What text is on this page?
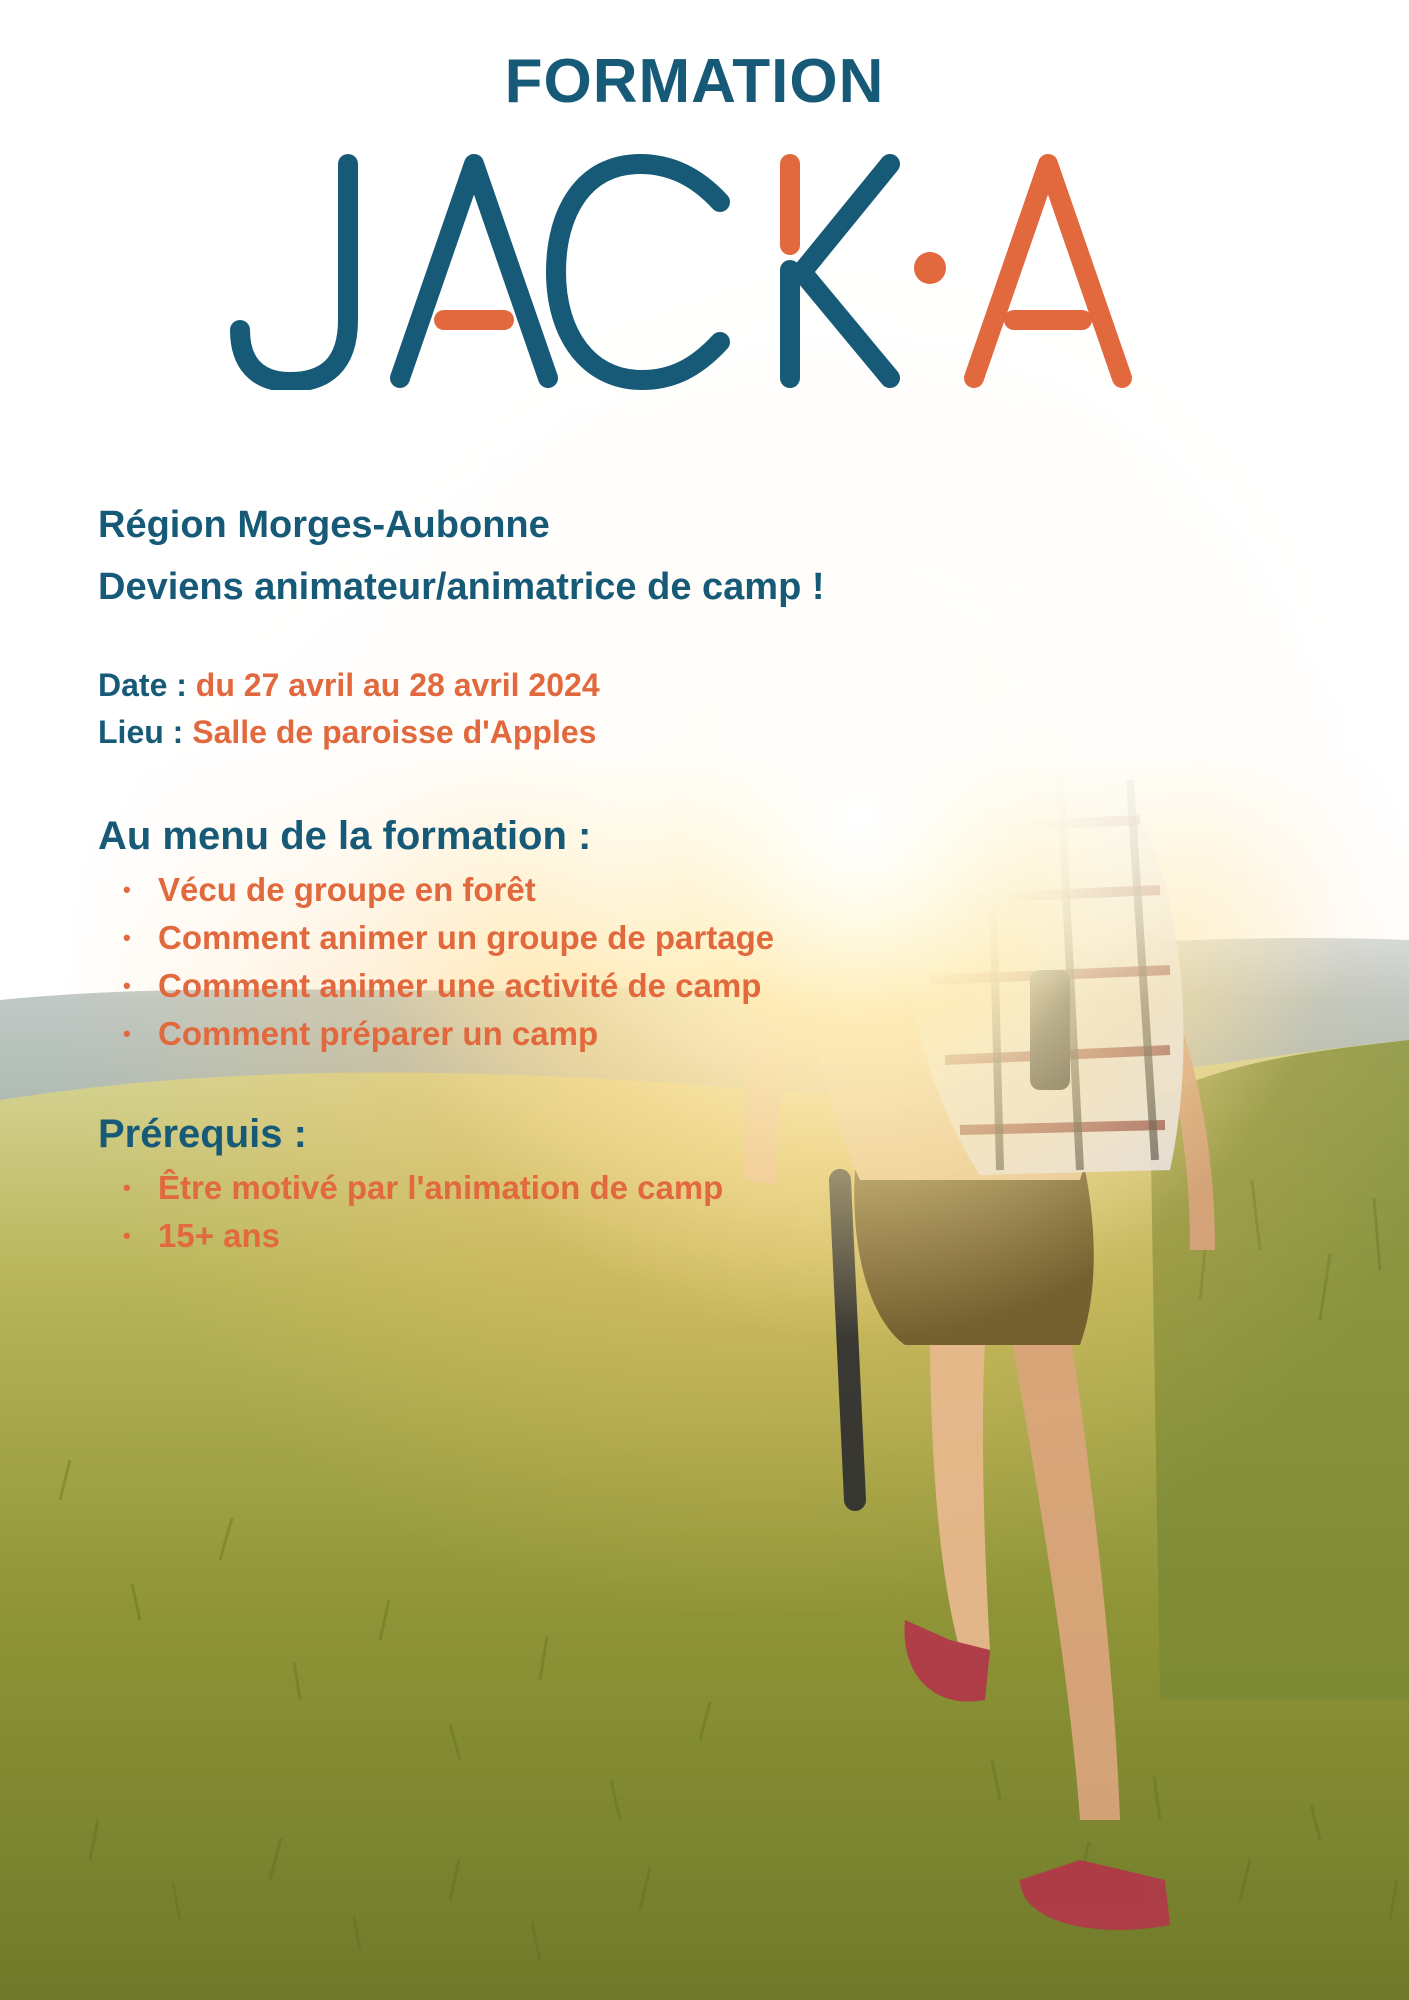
FORMATION
Région Morges-Aubonne
Deviens animateur/animatrice de camp !
Date : du 27 avril au 28 avril 2024
Lieu : Salle de paroisse d'Apples
Au menu de la formation :
• Vécu de groupe en forêt
• Comment animer un groupe de partage
• Comment animer une activité de camp
• Comment préparer un camp
Prérequis :
• Être motivé par l'animation de camp
• 15+ ans
